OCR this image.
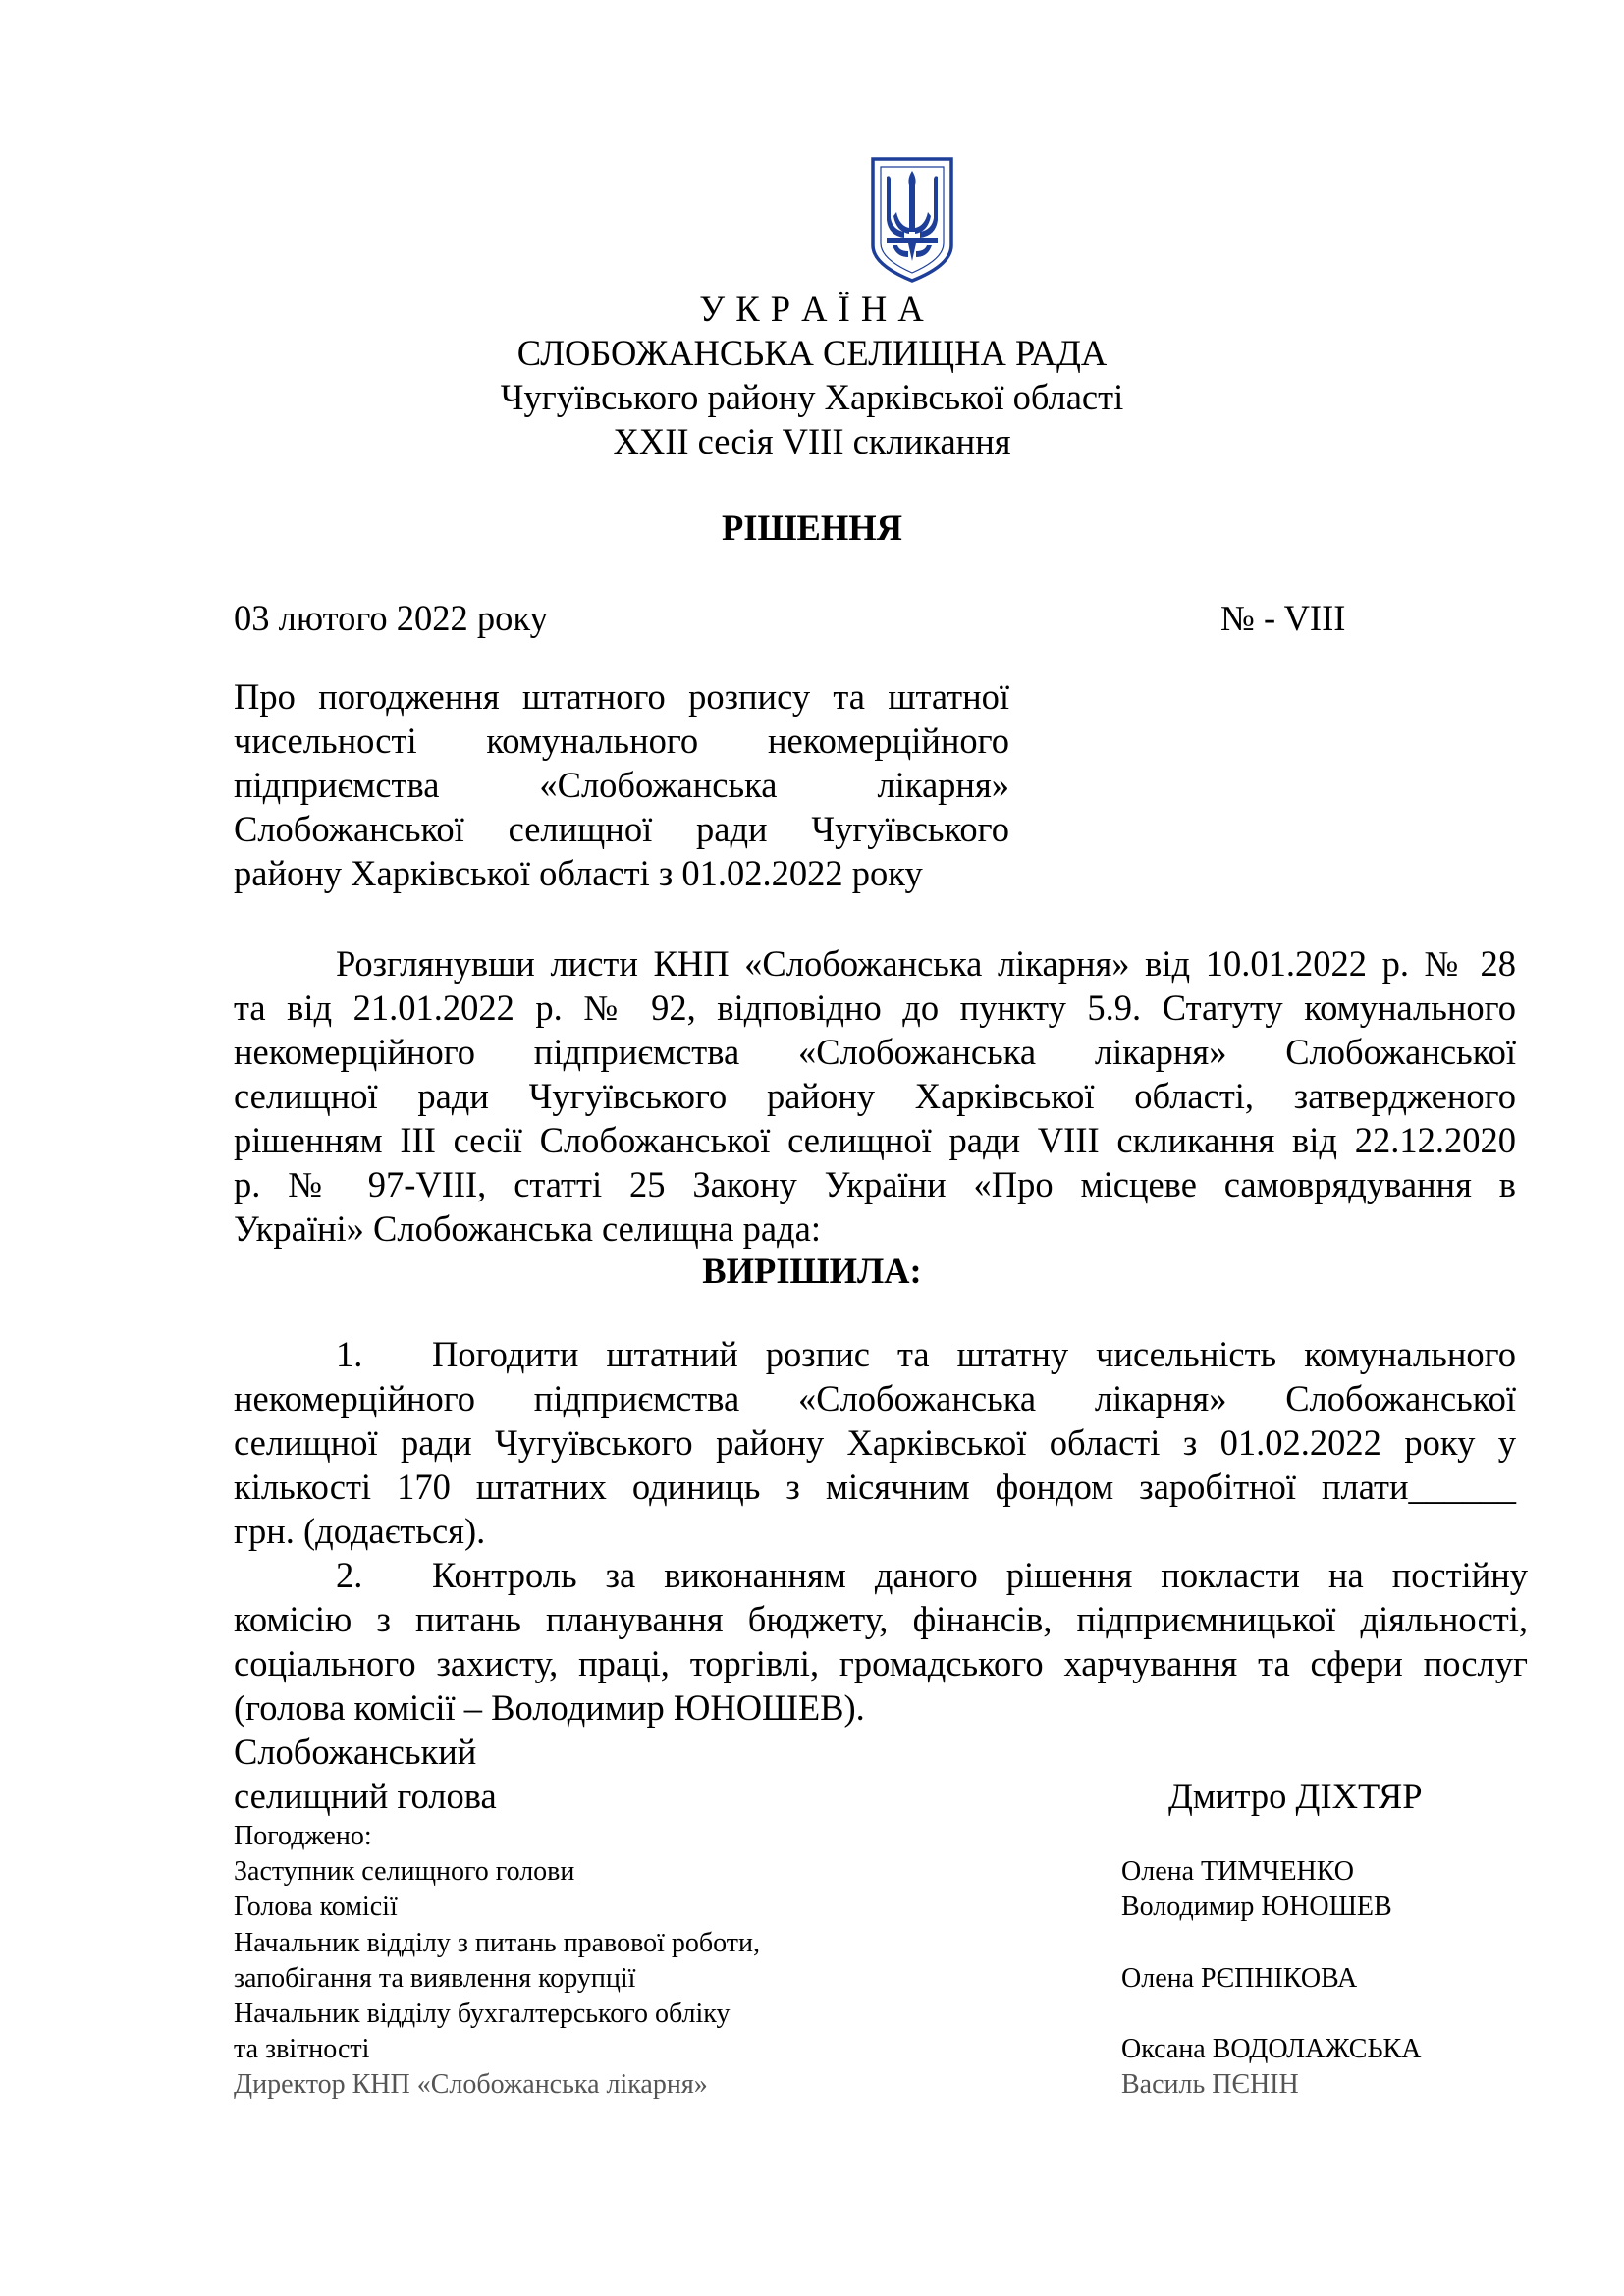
У К Р А Ї Н А
СЛОБОЖАНСЬКА СЕЛИЩНА РАДА
Чугуївського району Харківської області
XXII сесія VIII скликання
РІШЕННЯ
03 лютого 2022 року	№ - VIII
Про погодження штатного розпису та штатної
чисельності комунального некомерційного
підприємства «Слобожанська лікарня»
Слобожанської селищної ради Чугуївського
району Харківської області з 01.02.2022 року
Розглянувши листи КНП «Слобожанська лікарня» від 10.01.2022 р. № 28
та від 21.01.2022 р. № 92, відповідно до пункту 5.9. Статуту комунального
некомерційного підприємства «Слобожанська лікарня» Слобожанської
селищної ради Чугуївського району Харківської області, затвердженого
рішенням III сесії Слобожанської селищної ради VIII скликання від 22.12.2020
р. № 97-VIII, статті 25 Закону України «Про місцеве самоврядування в
Україні» Слобожанська селищна рада:
ВИРІШИЛА:
1. Погодити штатний розпис та штатну чисельність комунального
некомерційного підприємства «Слобожанська лікарня» Слобожанської
селищної ради Чугуївського району Харківської області з 01.02.2022 року у
кількості 170 штатних одиниць з місячним фондом заробітної плати______
грн. (додається).
2. Контроль за виконанням даного рішення покласти на постійну
комісію з питань планування бюджету, фінансів, підприємницької діяльності,
соціального захисту, праці, торгівлі, громадського харчування та сфери послуг
(голова комісії – Володимир ЮНОШЕВ).
Слобожанський
селищний голова	Дмитро ДІХТЯР
Погоджено:
Заступник селищного голови	Олена ТИМЧЕНКО
Голова комісії	Володимир ЮНОШЕВ
Начальник відділу з питань правової роботи,
запобігання та виявлення корупції	Олена РЄПНІКОВА
Начальник відділу бухгалтерського обліку
та звітності	Оксана ВОДОЛАЖСЬКА
Директор КНП «Слобожанська лікарня»	Василь ПЄНІН
